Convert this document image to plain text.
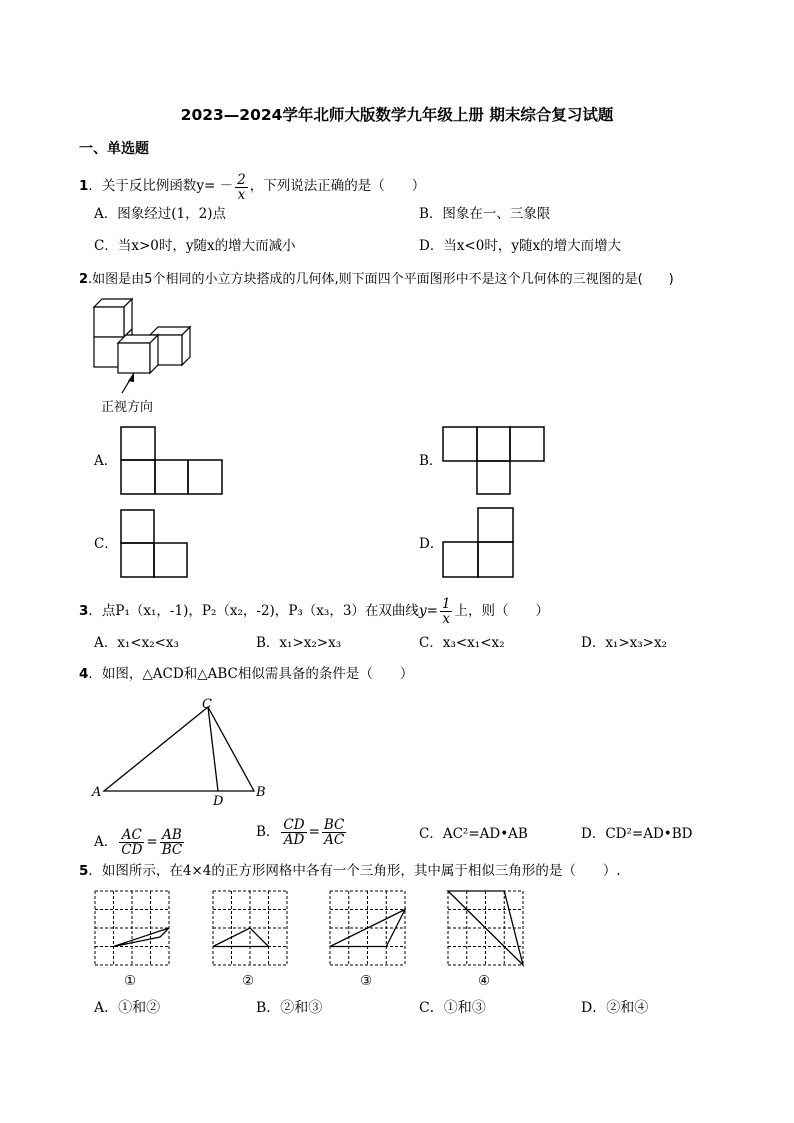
2023—2024学年北师大版数学九年级上册 期末综合复习试题
一、单选题
1．关于反比例函数$y= - \frac{2}{x}$ ，下列说法正确的是（　　）
A．图象经过(1，2)点	B．图象在一、三象限
C．当x>0时，y随x的增大而减小	D．当x<0时，y随x的增大而增大
2.如图是由5个相同的小立方块搭成的几何体,则下面四个平面图形中不是这个几何体的三视图的是(　　)
正视方向
A．	B．
C．	D．
3．点P₁（x₁，-1)，P₂（x₂，-2)，P₃（x₃，3）在双曲线$y= \frac{1}{x}$ 上，则（　　）
A．x₁<x₂<x₃	B．x₁>x₂>x₃	C．x₃<x₁<x₂	D．x₁>x₃>x₂
4．如图，△ACD和△ABC相似需具备的条件是（　　）
A
C
B
D
A． $\frac{AC}{CD} = \frac{AB}{BC}$	B． $\frac{CD}{AD} = \frac{BC}{AC}$	C．AC²=AD•AB	D．CD²=AD•BD
5．如图所示，在4×4的正方形网格中各有一个三角形，其中属于相似三角形的是（　　）.
①	②	③	④
A．①和②	B．②和③	C．①和③	D．②和④
